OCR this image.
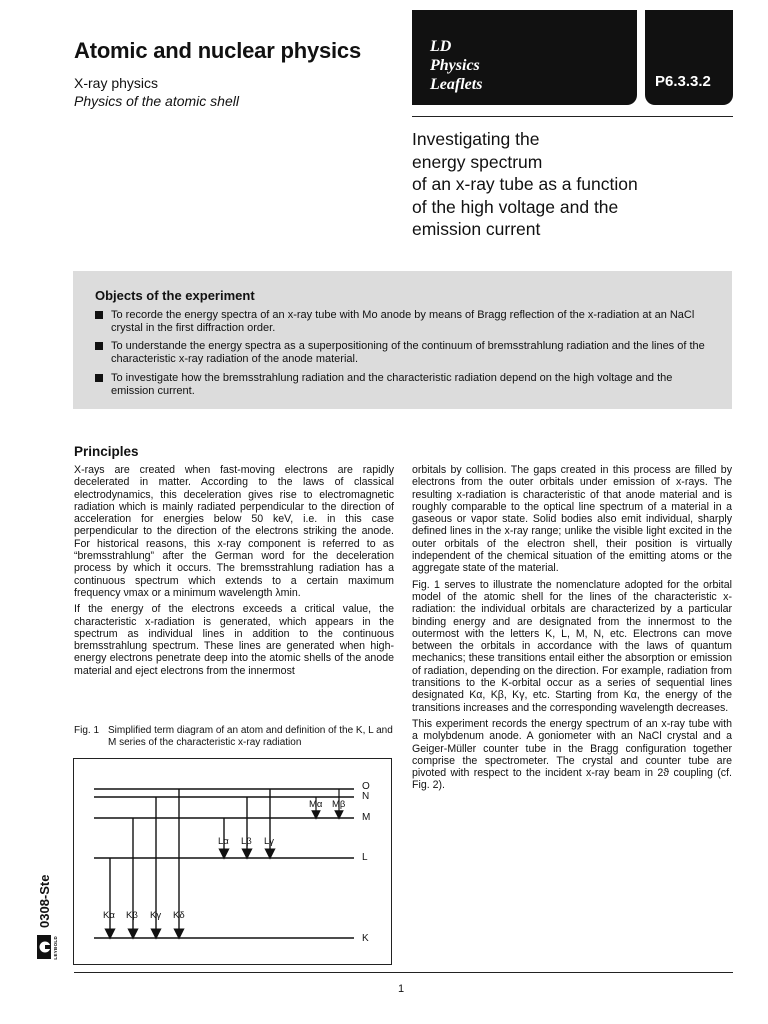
Atomic and nuclear physics
X-ray physics
Physics of the atomic shell
LD
Physics
Leaflets	P6.3.3.2
Investigating the
energy spectrum
of an x-ray tube as a function
of the high voltage and the
emission current
Objects of the experiment
To recorde the energy spectra of an x-ray tube with Mo anode by means of Bragg reflection of the x-radiation at an NaCl crystal in the first diffraction order.
To understande the energy spectra as a superpositioning of the continuum of bremsstrahlung radiation and the lines of the characteristic x-ray radiation of the anode material.
To investigate how the bremsstrahlung radiation and the characteristic radiation depend on the high voltage and the emission current.
Principles

X-rays are created when fast-moving electrons are rapidly decelerated in matter. According to the laws of classical electrodynamics, this deceleration gives rise to electromagnetic radiation which is mainly radiated perpendicular to the direction of acceleration for energies below 50 keV, i.e. in this case perpendicular to the direction of the electrons striking the anode. For historical reasons, this x-ray component is referred to as “bremsstrahlung” after the German word for the deceleration process by which it occurs. The bremsstrahlung radiation has a continuous spectrum which extends to a certain maximum frequency νmax or a minimum wavelength λmin.

If the energy of the electrons exceeds a critical value, the characteristic x-radiation is generated, which appears in the spectrum as individual lines in addition to the continuous bremsstrahlung spectrum. These lines are generated when high-energy electrons penetrate deep into the atomic shells of the anode material and eject electrons from the innermost

orbitals by collision. The gaps created in this process are filled by electrons from the outer orbitals under emission of x-rays. The resulting x-radiation is characteristic of that anode material and is roughly comparable to the optical line spectrum of a material in a gaseous or vapor state. Solid bodies also emit individual, sharply defined lines in the x-ray range; unlike the visible light excited in the outer orbitals of the electron shell, their position is virtually independent of the chemical situation of the emitting atoms or the aggregate state of the material.

Fig. 1 serves to illustrate the nomenclature adopted for the orbital model of the atomic shell for the lines of the characteristic x-radiation: the individual orbitals are characterized by a particular binding energy and are designated from the innermost to the outermost with the letters K, L, M, N, etc. Electrons can move between the orbitals in accordance with the laws of quantum mechanics; these transitions entail either the absorption or emission of radiation, depending on the direction. For example, radiation from transitions to the K-orbital occur as a series of sequential lines designated Kα, Kβ, Kγ, etc. Starting from Kα, the energy of the transitions increases and the corresponding wavelength decreases.

This experiment records the energy spectrum of an x-ray tube with a molybdenum anode. A goniometer with an NaCl crystal and a Geiger-Müller counter tube in the Bragg configuration together comprise the spectrometer. The crystal and counter tube are pivoted with respect to the incident x-ray beam in 2ϑ coupling (cf. Fig. 2).

Fig. 1 Simplified term diagram of an atom and definition of the K, L and M series of the characteristic x-ray radiation
O
N
M
L
K
Kα Kβ Kγ Kδ
Lα Lβ Lγ
Mα Mβ
0308-Ste
LEYBOLD
1
